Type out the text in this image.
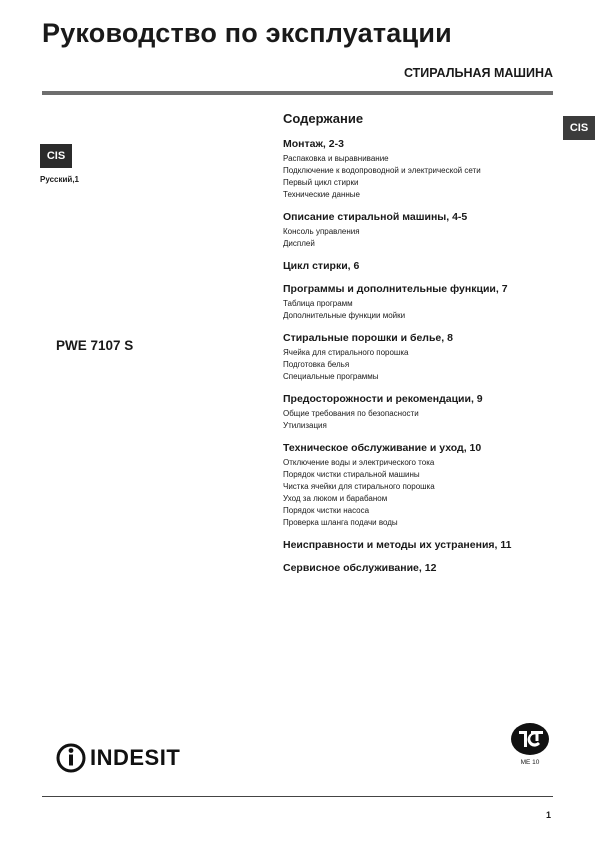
Руководство по эксплуатации
СТИРАЛЬНАЯ МАШИНА
CIS
CIS
Русский,1
PWE 7107 S
Содержание
Монтаж, 2-3
Распаковка и выравнивание
Подключение к водопроводной и электрической сети
Первый цикл стирки
Технические данные
Описание стиральной машины, 4-5
Консоль управления
Дисплей
Цикл стирки, 6
Программы и дополнительные функции, 7
Таблица программ
Дополнительные функции мойки
Стиральные порошки и белье, 8
Ячейка для стирального порошка
Подготовка белья
Специальные программы
Предосторожности и рекомендации, 9
Общие требования по безопасности
Утилизация
Техническое обслуживание и уход, 10
Отключение воды и электрического тока
Порядок чистки стиральной машины
Чистка ячейки для стирального порошка
Уход за люком и барабаном
Порядок чистки насоса
Проверка шланга подачи воды
Неисправности и методы их устранения, 11
Сервисное обслуживание, 12
INDESIT	ME 10
1
